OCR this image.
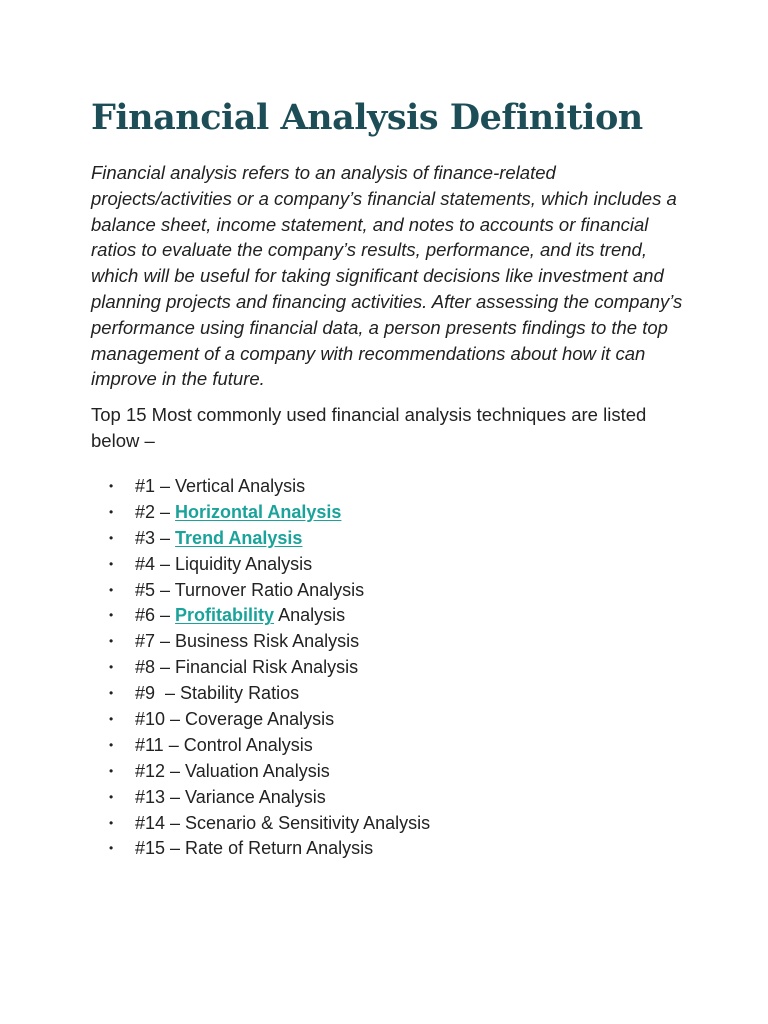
Financial Analysis Definition

Financial analysis refers to an analysis of finance-related projects/activities or a company’s financial statements, which includes a balance sheet, income statement, and notes to accounts or financial ratios to evaluate the company’s results, performance, and its trend, which will be useful for taking significant decisions like investment and planning projects and financing activities. After assessing the company’s performance using financial data, a person presents findings to the top management of a company with recommendations about how it can improve in the future.

Top 15 Most commonly used financial analysis techniques are listed below –

• #1 – Vertical Analysis
• #2 – Horizontal Analysis
• #3 – Trend Analysis
• #4 – Liquidity Analysis
• #5 – Turnover Ratio Analysis
• #6 – Profitability Analysis
• #7 – Business Risk Analysis
• #8 – Financial Risk Analysis
• #9  – Stability Ratios
• #10 – Coverage Analysis
• #11 – Control Analysis
• #12 – Valuation Analysis
• #13 – Variance Analysis
• #14 – Scenario & Sensitivity Analysis
• #15 – Rate of Return Analysis
